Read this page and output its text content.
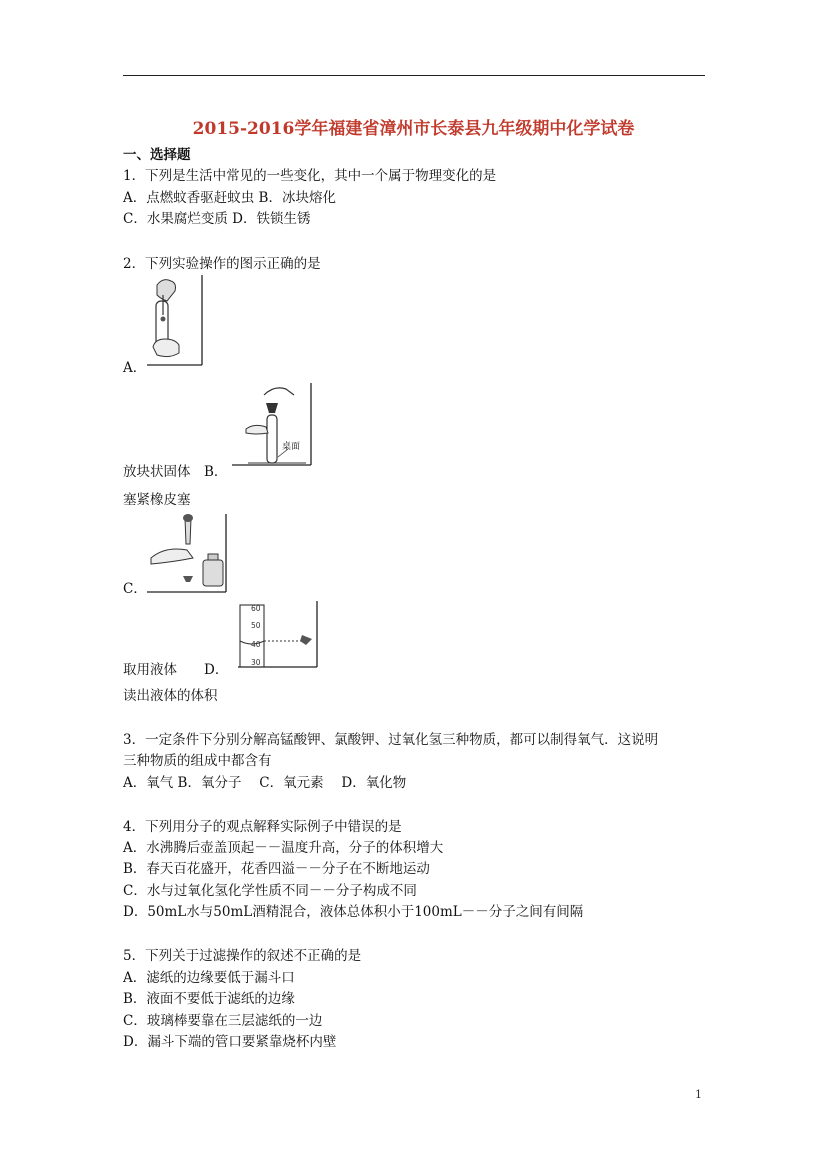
2015-2016学年福建省漳州市长泰县九年级期中化学试卷
一、选择题
1．下列是生活中常见的一些变化，其中一个属于物理变化的是
A．点燃蚊香驱赶蚊虫 B．冰块熔化
C．水果腐烂变质 D．铁锁生锈
2．下列实验操作的图示正确的是
A．
桌面
放块状固体　B．
塞紧橡皮塞
C．
60
50
40
30
取用液体　　D．
读出液体的体积
3．一定条件下分别分解高锰酸钾、氯酸钾、过氧化氢三种物质，都可以制得氧气．这说明
三种物质的组成中都含有
A．氧气 B．氧分子　 C．氧元素　 D．氧化物
4．下列用分子的观点解释实际例子中错误的是
A．水沸腾后壶盖顶起－－温度升高，分子的体积增大
B．春天百花盛开，花香四溢－－分子在不断地运动
C．水与过氧化氢化学性质不同－－分子构成不同
D．50mL水与50mL酒精混合，液体总体积小于100mL－－分子之间有间隔
5．下列关于过滤操作的叙述不正确的是
A．滤纸的边缘要低于漏斗口
B．液面不要低于滤纸的边缘
C．玻璃棒要靠在三层滤纸的一边
D．漏斗下端的管口要紧靠烧杯内壁
1
